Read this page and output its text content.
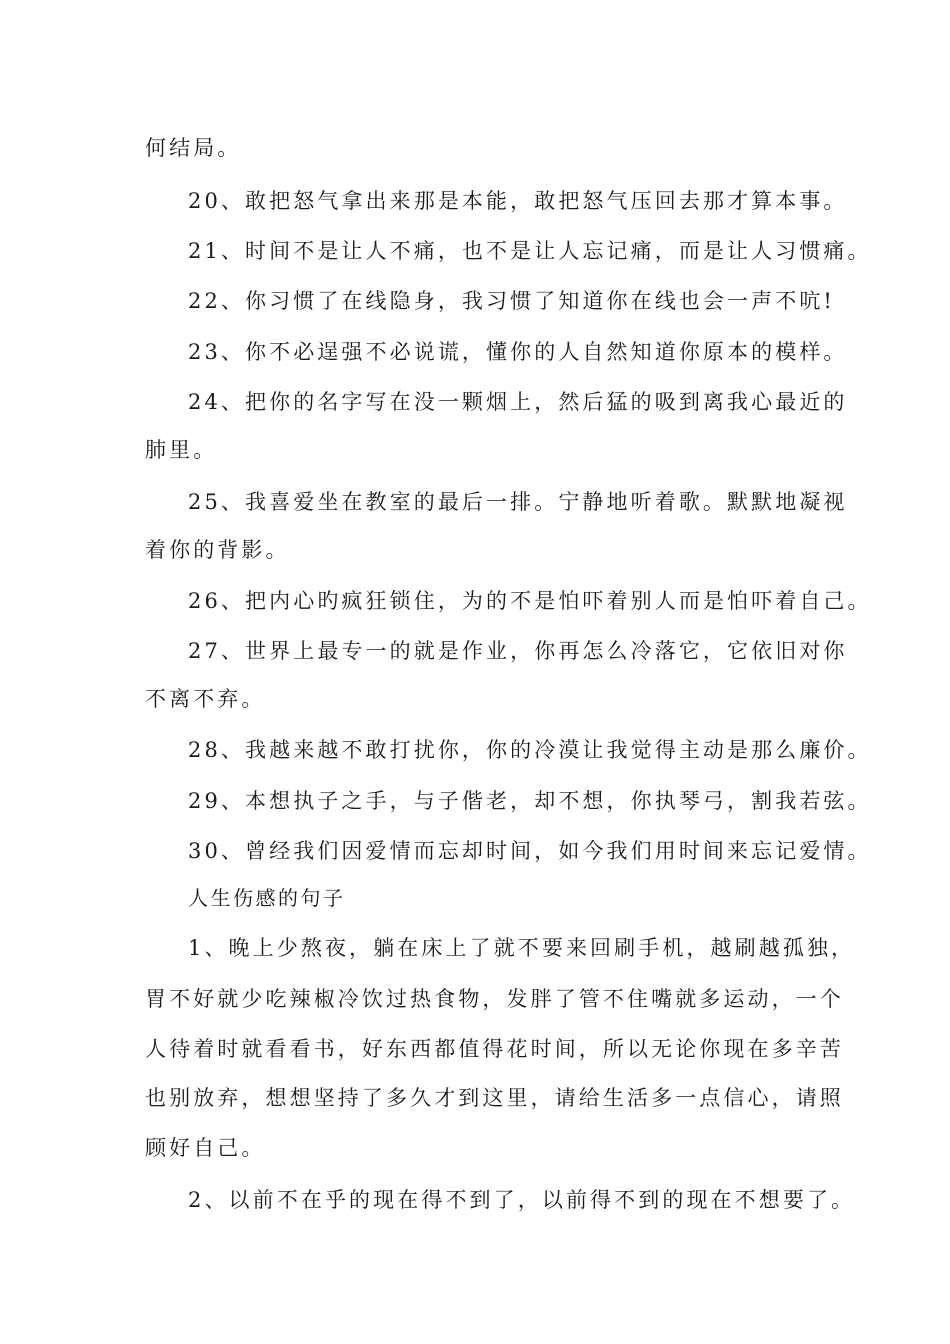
何结局。
20、敢把怒气拿出来那是本能，敢把怒气压回去那才算本事。
21、时间不是让人不痛，也不是让人忘记痛，而是让人习惯痛。
22、你习惯了在线隐身，我习惯了知道你在线也会一声不吭!
23、你不必逞强不必说谎，懂你的人自然知道你原本的模样。
24、把你的名字写在没一颗烟上，然后猛的吸到离我心最近的
肺里。
25、我喜爱坐在教室的最后一排。宁静地听着歌。默默地凝视
着你的背影。
26、把内心旳疯狂锁住，为的不是怕吓着别人而是怕吓着自己。
27、世界上最专一的就是作业，你再怎么冷落它，它依旧对你
不离不弃。
28、我越来越不敢打扰你，你的冷漠让我觉得主动是那么廉价。
29、本想执子之手，与子偕老，却不想，你执琴弓，割我若弦。
30、曾经我们因爱情而忘却时间，如今我们用时间来忘记爱情。
人生伤感的句子
1、晚上少熬夜，躺在床上了就不要来回刷手机，越刷越孤独，
胃不好就少吃辣椒冷饮过热食物，发胖了管不住嘴就多运动，一个
人待着时就看看书，好东西都值得花时间，所以无论你现在多辛苦
也别放弃，想想坚持了多久才到这里，请给生活多一点信心，请照
顾好自己。
2、以前不在乎的现在得不到了，以前得不到的现在不想要了。
